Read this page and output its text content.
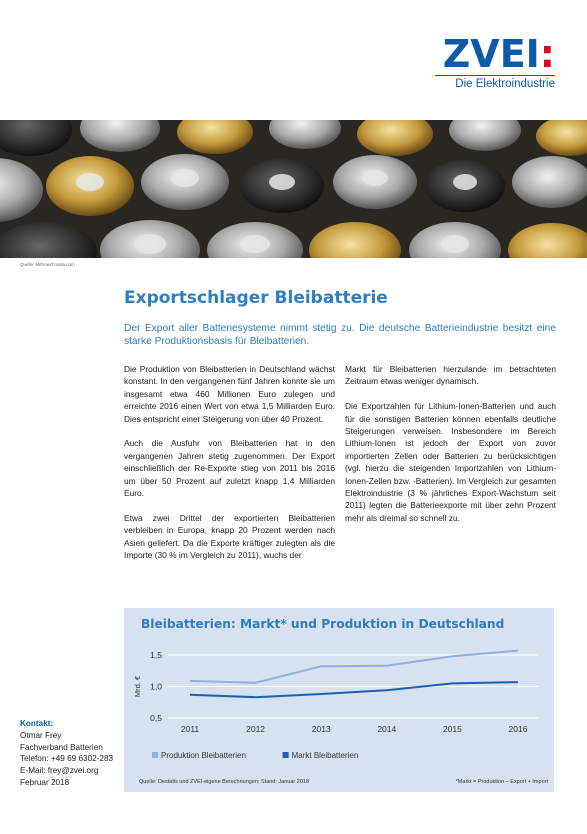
ZVEI:
Die Elektroindustrie
Quelle: Mithrax/Fotolia.com
Exportschlager Bleibatterie
Der Export aller Batteriesysteme nimmt stetig zu. Die deutsche Batterieindustrie besitzt eine starke Produktionsbasis für Bleibatterien.

Die Produktion von Bleibatterien in Deutschland wächst konstant. In den vergangenen fünf Jahren konnte sie um insgesamt etwa 460 Millionen Euro zulegen und erreichte 2016 einen Wert von etwa 1,5 Milliarden Euro. Dies entspricht einer Steigerung von über 40 Prozent.

Auch die Ausfuhr von Bleibatterien hat in den vergangenen Jahren stetig zugenommen. Der Export einschließlich der Re-Exporte stieg von 2011 bis 2016 um über 50 Prozent auf zuletzt knapp 1,4 Milliarden Euro.

Etwa zwei Drittel der exportierten Bleibatterien verbleiben in Europa, knapp 20 Prozent werden nach Asien geliefert. Da die Exporte kräftiger zulegten als die Importe (30 % im Vergleich zu 2011), wuchs der

Markt für Bleibatterien hierzulande im betrachteten Zeitraum etwas weniger dynamisch.

Die Exportzahlen für Lithium-Ionen-Batterien und auch für die sonstigen Batterien können ebenfalls deutliche Steigerungen verweisen. Insbesondere im Bereich Lithium-Ionen ist jedoch der Export von zuvor importierten Zellen oder Batterien zu berücksichtigen (vgl. hierzu die steigenden Importzahlen von Lithium-Ionen-Zellen bzw. -Batterien). Im Vergleich zur gesamten Elektroindustrie (3 % jährliches Export-Wachstum seit 2011) legten die Batterieexporte mit über zehn Prozent mehr als dreimal so schnell zu.

Bleibatterien: Markt* und Produktion in Deutschland
1,5
1,0
0,5
Mrd. €
2011	2012	2013	2014	2015	2016
Produktion Bleibatterien	Markt Bleibatterien
Quelle: Destatis und ZVEI-eigene Berechnungen; Stand: Januar 2018	*Markt = Produktion – Export + Import
Kontakt:
Otmar Frey
Fachverband Batterien
Telefon: +49 69 6302-283
E-Mail: frey@zvei.org
Februar 2018
